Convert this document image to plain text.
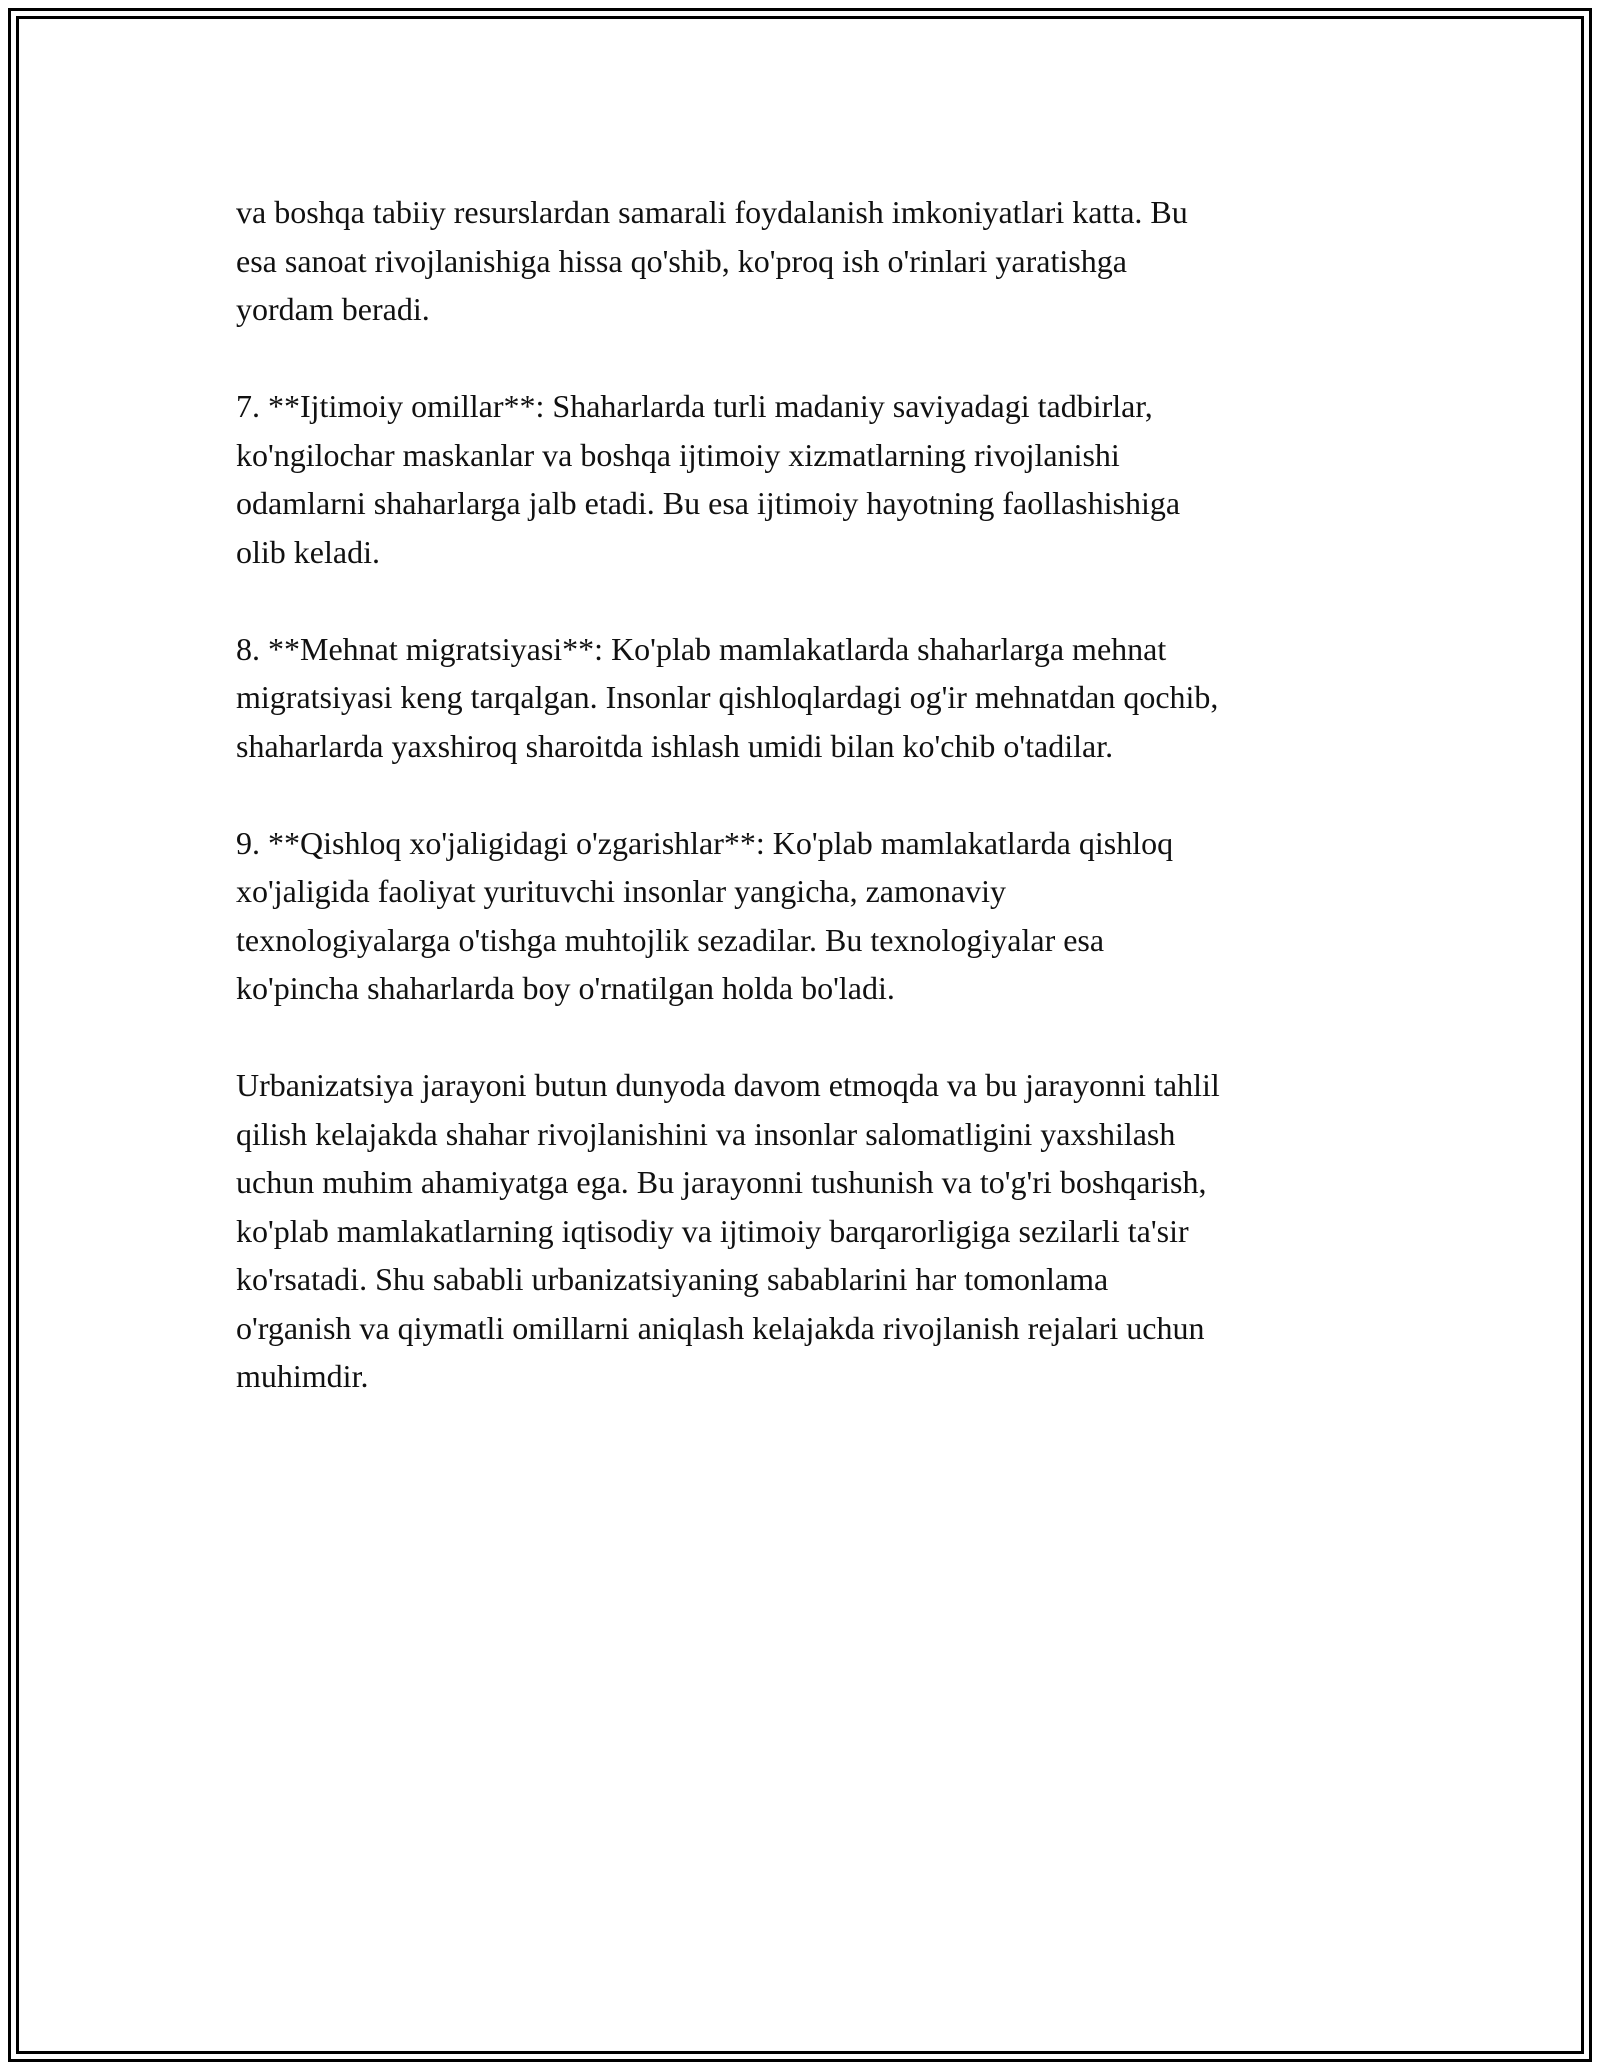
va boshqa tabiiy resurslardan samarali foydalanish imkoniyatlari katta. Bu
esa sanoat rivojlanishiga hissa qo'shib, ko'proq ish o'rinlari yaratishga
yordam beradi.

7. **Ijtimoiy omillar**: Shaharlarda turli madaniy saviyadagi tadbirlar,
ko'ngilochar maskanlar va boshqa ijtimoiy xizmatlarning rivojlanishi
odamlarni shaharlarga jalb etadi. Bu esa ijtimoiy hayotning faollashishiga
olib keladi.

8. **Mehnat migratsiyasi**: Ko'plab mamlakatlarda shaharlarga mehnat
migratsiyasi keng tarqalgan. Insonlar qishloqlardagi og'ir mehnatdan qochib,
shaharlarda yaxshiroq sharoitda ishlash umidi bilan ko'chib o'tadilar.

9. **Qishloq xo'jaligidagi o'zgarishlar**: Ko'plab mamlakatlarda qishloq
xo'jaligida faoliyat yurituvchi insonlar yangicha, zamonaviy
texnologiyalarga o'tishga muhtojlik sezadilar. Bu texnologiyalar esa
ko'pincha shaharlarda boy o'rnatilgan holda bo'ladi.

Urbanizatsiya jarayoni butun dunyoda davom etmoqda va bu jarayonni tahlil
qilish kelajakda shahar rivojlanishini va insonlar salomatligini yaxshilash
uchun muhim ahamiyatga ega. Bu jarayonni tushunish va to'g'ri boshqarish,
ko'plab mamlakatlarning iqtisodiy va ijtimoiy barqarorligiga sezilarli ta'sir
ko'rsatadi. Shu sababli urbanizatsiyaning sabablarini har tomonlama
o'rganish va qiymatli omillarni aniqlash kelajakda rivojlanish rejalari uchun
muhimdir.
